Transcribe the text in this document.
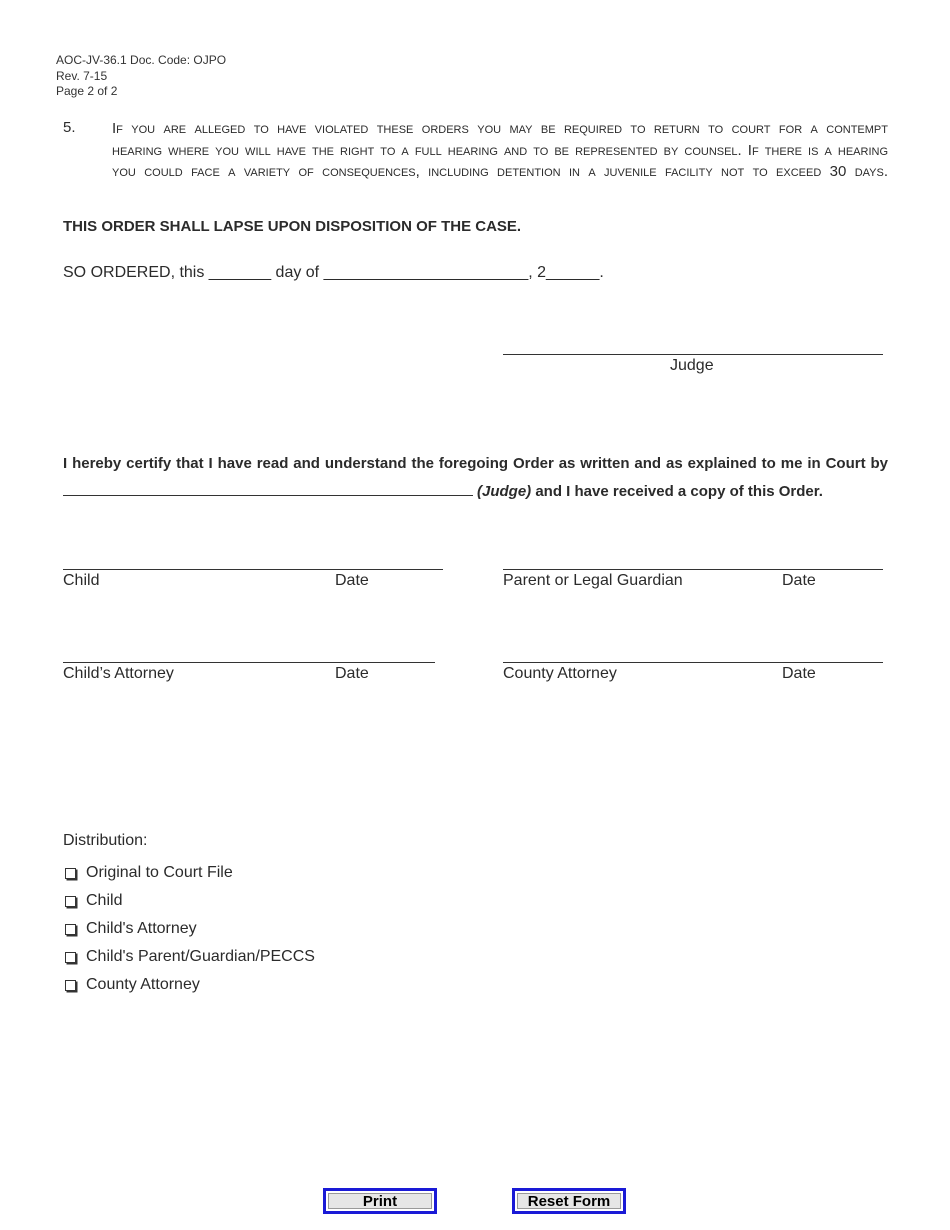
AOC-JV-36.1 Doc. Code: OJPO
Rev. 7-15
Page 2 of 2
5. If you are alleged to have violated these orders you may be required to return to court for a contempt
hearing where you will have the right to a full hearing and to be represented by counsel. If there is a hearing
you could face a variety of consequences, including detention in a juvenile facility not to exceed 30 days.
THIS ORDER SHALL LAPSE UPON DISPOSITION OF THE CASE.
SO ORDERED, this _______ day of _______________________, 2______.
Judge
I hereby certify that I have read and understand the foregoing Order as written and as explained to me in Court by
(Judge) and I have received a copy of this Order.
Child	Date	Parent or Legal Guardian	Date
Child’s Attorney	Date	County Attorney	Date
Distribution:
Original to Court File
Child
Child's Attorney
Child's Parent/Guardian/PECCS
County Attorney
Print	Reset Form
